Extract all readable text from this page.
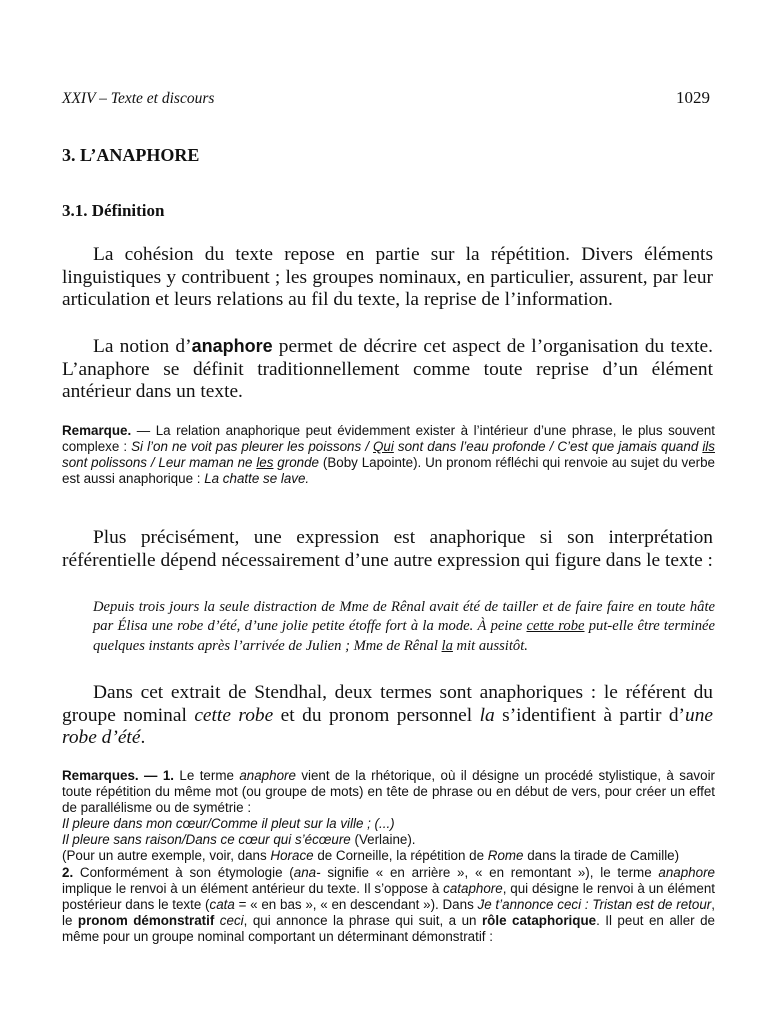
XXIV – Texte et discours	1029
3. L’ANAPHORE
3.1. Définition

La cohésion du texte repose en partie sur la répétition. Divers éléments linguistiques y contribuent ; les groupes nominaux, en particulier, assurent, par leur articulation et leurs relations au fil du texte, la reprise de l’information.

La notion d’anaphore permet de décrire cet aspect de l’organisation du texte. L’anaphore se définit traditionnellement comme toute reprise d’un élément antérieur dans un texte.

Remarque. — La relation anaphorique peut évidemment exister à l’intérieur d’une phrase, le plus souvent complexe : Si l’on ne voit pas pleurer les poissons / Qui sont dans l’eau profonde / C’est que jamais quand ils sont polissons / Leur maman ne les gronde (Boby Lapointe). Un pronom réfléchi qui renvoie au sujet du verbe est aussi anaphorique : La chatte se lave.

Plus précisément, une expression est anaphorique si son interprétation référentielle dépend nécessairement d’une autre expression qui figure dans le texte :

Depuis trois jours la seule distraction de Mme de Rênal avait été de tailler et de faire faire en toute hâte par Élisa une robe d’été, d’une jolie petite étoffe fort à la mode. À peine cette robe put-elle être terminée quelques instants après l’arrivée de Julien ; Mme de Rênal la mit aussitôt.

Dans cet extrait de Stendhal, deux termes sont anaphoriques : le référent du groupe nominal cette robe et du pronom personnel la s’identifient à partir d’une robe d’été.

Remarques. — 1. Le terme anaphore vient de la rhétorique, où il désigne un procédé stylistique, à savoir toute répétition du même mot (ou groupe de mots) en tête de phrase ou en début de vers, pour créer un effet de parallélisme ou de symétrie :
Il pleure dans mon cœur/Comme il pleut sur la ville ; (...)
Il pleure sans raison/Dans ce cœur qui s’écœure (Verlaine).
(Pour un autre exemple, voir, dans Horace de Corneille, la répétition de Rome dans la tirade de Camille)
2. Conformément à son étymologie (ana- signifie « en arrière », « en remontant »), le terme anaphore implique le renvoi à un élément antérieur du texte. Il s’oppose à cataphore, qui désigne le renvoi à un élément postérieur dans le texte (cata = « en bas », « en descendant »). Dans Je t’annonce ceci : Tristan est de retour, le pronom démonstratif ceci, qui annonce la phrase qui suit, a un rôle cataphorique. Il peut en aller de même pour un groupe nominal comportant un déterminant démonstratif :
